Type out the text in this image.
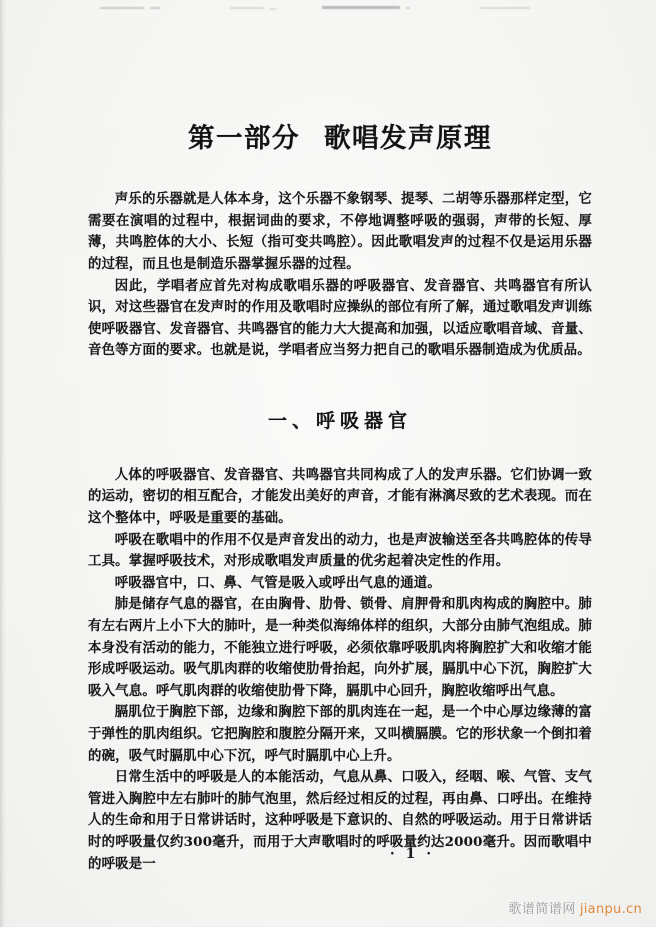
第一部分 歌唱发声原理

声乐的乐器就是人体本身，这个乐器不象钢琴、提琴、二胡等乐器那样定型，它需要在演唱的过程中，根据词曲的要求，不停地调整呼吸的强弱，声带的长短、厚薄，共鸣腔体的大小、长短（指可变共鸣腔）。因此歌唱发声的过程不仅是运用乐器的过程，而且也是制造乐器掌握乐器的过程。

因此，学唱者应首先对构成歌唱乐器的呼吸器官、发音器官、共鸣器官有所认识，对这些器官在发声时的作用及歌唱时应操纵的部位有所了解，通过歌唱发声训练使呼吸器官、发音器官、共鸣器官的能力大大提高和加强，以适应歌唱音域、音量、音色等方面的要求。也就是说，学唱者应当努力把自己的歌唱乐器制造成为优质品。

一、呼吸器官

人体的呼吸器官、发音器官、共鸣器官共同构成了人的发声乐器。它们协调一致的运动，密切的相互配合，才能发出美好的声音，才能有淋漓尽致的艺术表现。而在这个整体中，呼吸是重要的基础。

呼吸在歌唱中的作用不仅是声音发出的动力，也是声波输送至各共鸣腔体的传导工具。掌握呼吸技术，对形成歌唱发声质量的优劣起着决定性的作用。

呼吸器官中，口、鼻、气管是吸入或呼出气息的通道。

肺是储存气息的器官，在由胸骨、肋骨、锁骨、肩胛骨和肌肉构成的胸腔中。肺有左右两片上小下大的肺叶，是一种类似海绵体样的组织，大部分由肺气泡组成。肺本身没有活动的能力，不能独立进行呼吸，必须依靠呼吸肌肉将胸腔扩大和收缩才能形成呼吸运动。吸气肌肉群的收缩使肋骨抬起，向外扩展，膈肌中心下沉，胸腔扩大吸入气息。呼气肌肉群的收缩使肋骨下降，膈肌中心回升，胸腔收缩呼出气息。

膈肌位于胸腔下部，边缘和胸腔下部的肌肉连在一起，是一个中心厚边缘薄的富于弹性的肌肉组织。它把胸腔和腹腔分隔开来，又叫横膈膜。它的形状象一个倒扣着的碗，吸气时膈肌中心下沉，呼气时膈肌中心上升。

日常生活中的呼吸是人的本能活动，气息从鼻、口吸入，经咽、喉、气管、支气管进入胸腔中左右肺叶的肺气泡里，然后经过相反的过程，再由鼻、口呼出。在维持人的生命和用于日常讲话时，这种呼吸是下意识的、自然的呼吸运动。用于日常讲话时的呼吸量仅约300毫升，而用于大声歌唱时的呼吸量约达2000毫升。因而歌唱中的呼吸是一

· 1 ·
歌谱简谱网 jianpu.cn
